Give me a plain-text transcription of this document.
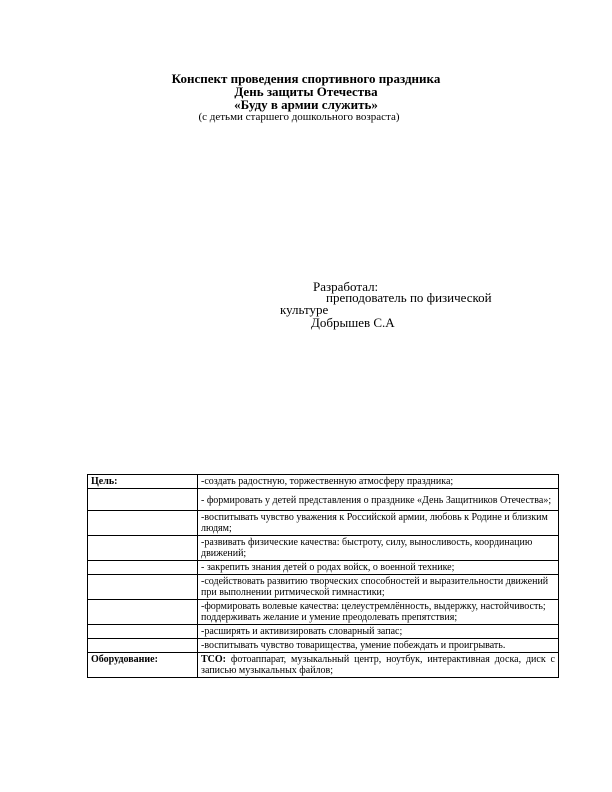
Конспект проведения спортивного праздника
День защиты Отечества
«Буду в армии служить»
(с детьми старшего дошкольного возраста)
Разработал:
преподователь по физической
культуре
Добрышев С.А
Цель:	-создать радостную, торжественную атмосферу праздника;
	- формировать у детей представления о празднике «День Защитников Отечества»;
	-воспитывать чувство уважения к Российской армии, любовь к Родине и близким людям;
	-развивать физические качества: быстроту, силу, выносливость, координацию движений;
	- закрепить знания детей о родах войск, о военной технике;
	-содействовать развитию творческих способностей и выразительности движений при выполнении ритмической гимнастики;
	-формировать волевые качества: целеустремлённость, выдержку, настойчивость; поддерживать желание и умение преодолевать препятствия;
	-расширять и активизировать словарный запас;
	-воспитывать чувство товарищества, умение побеждать и проигрывать.
Оборудование:	ТСО: фотоаппарат, музыкальный центр, ноутбук, интерактивная доска, диск с записью музыкальных файлов;
